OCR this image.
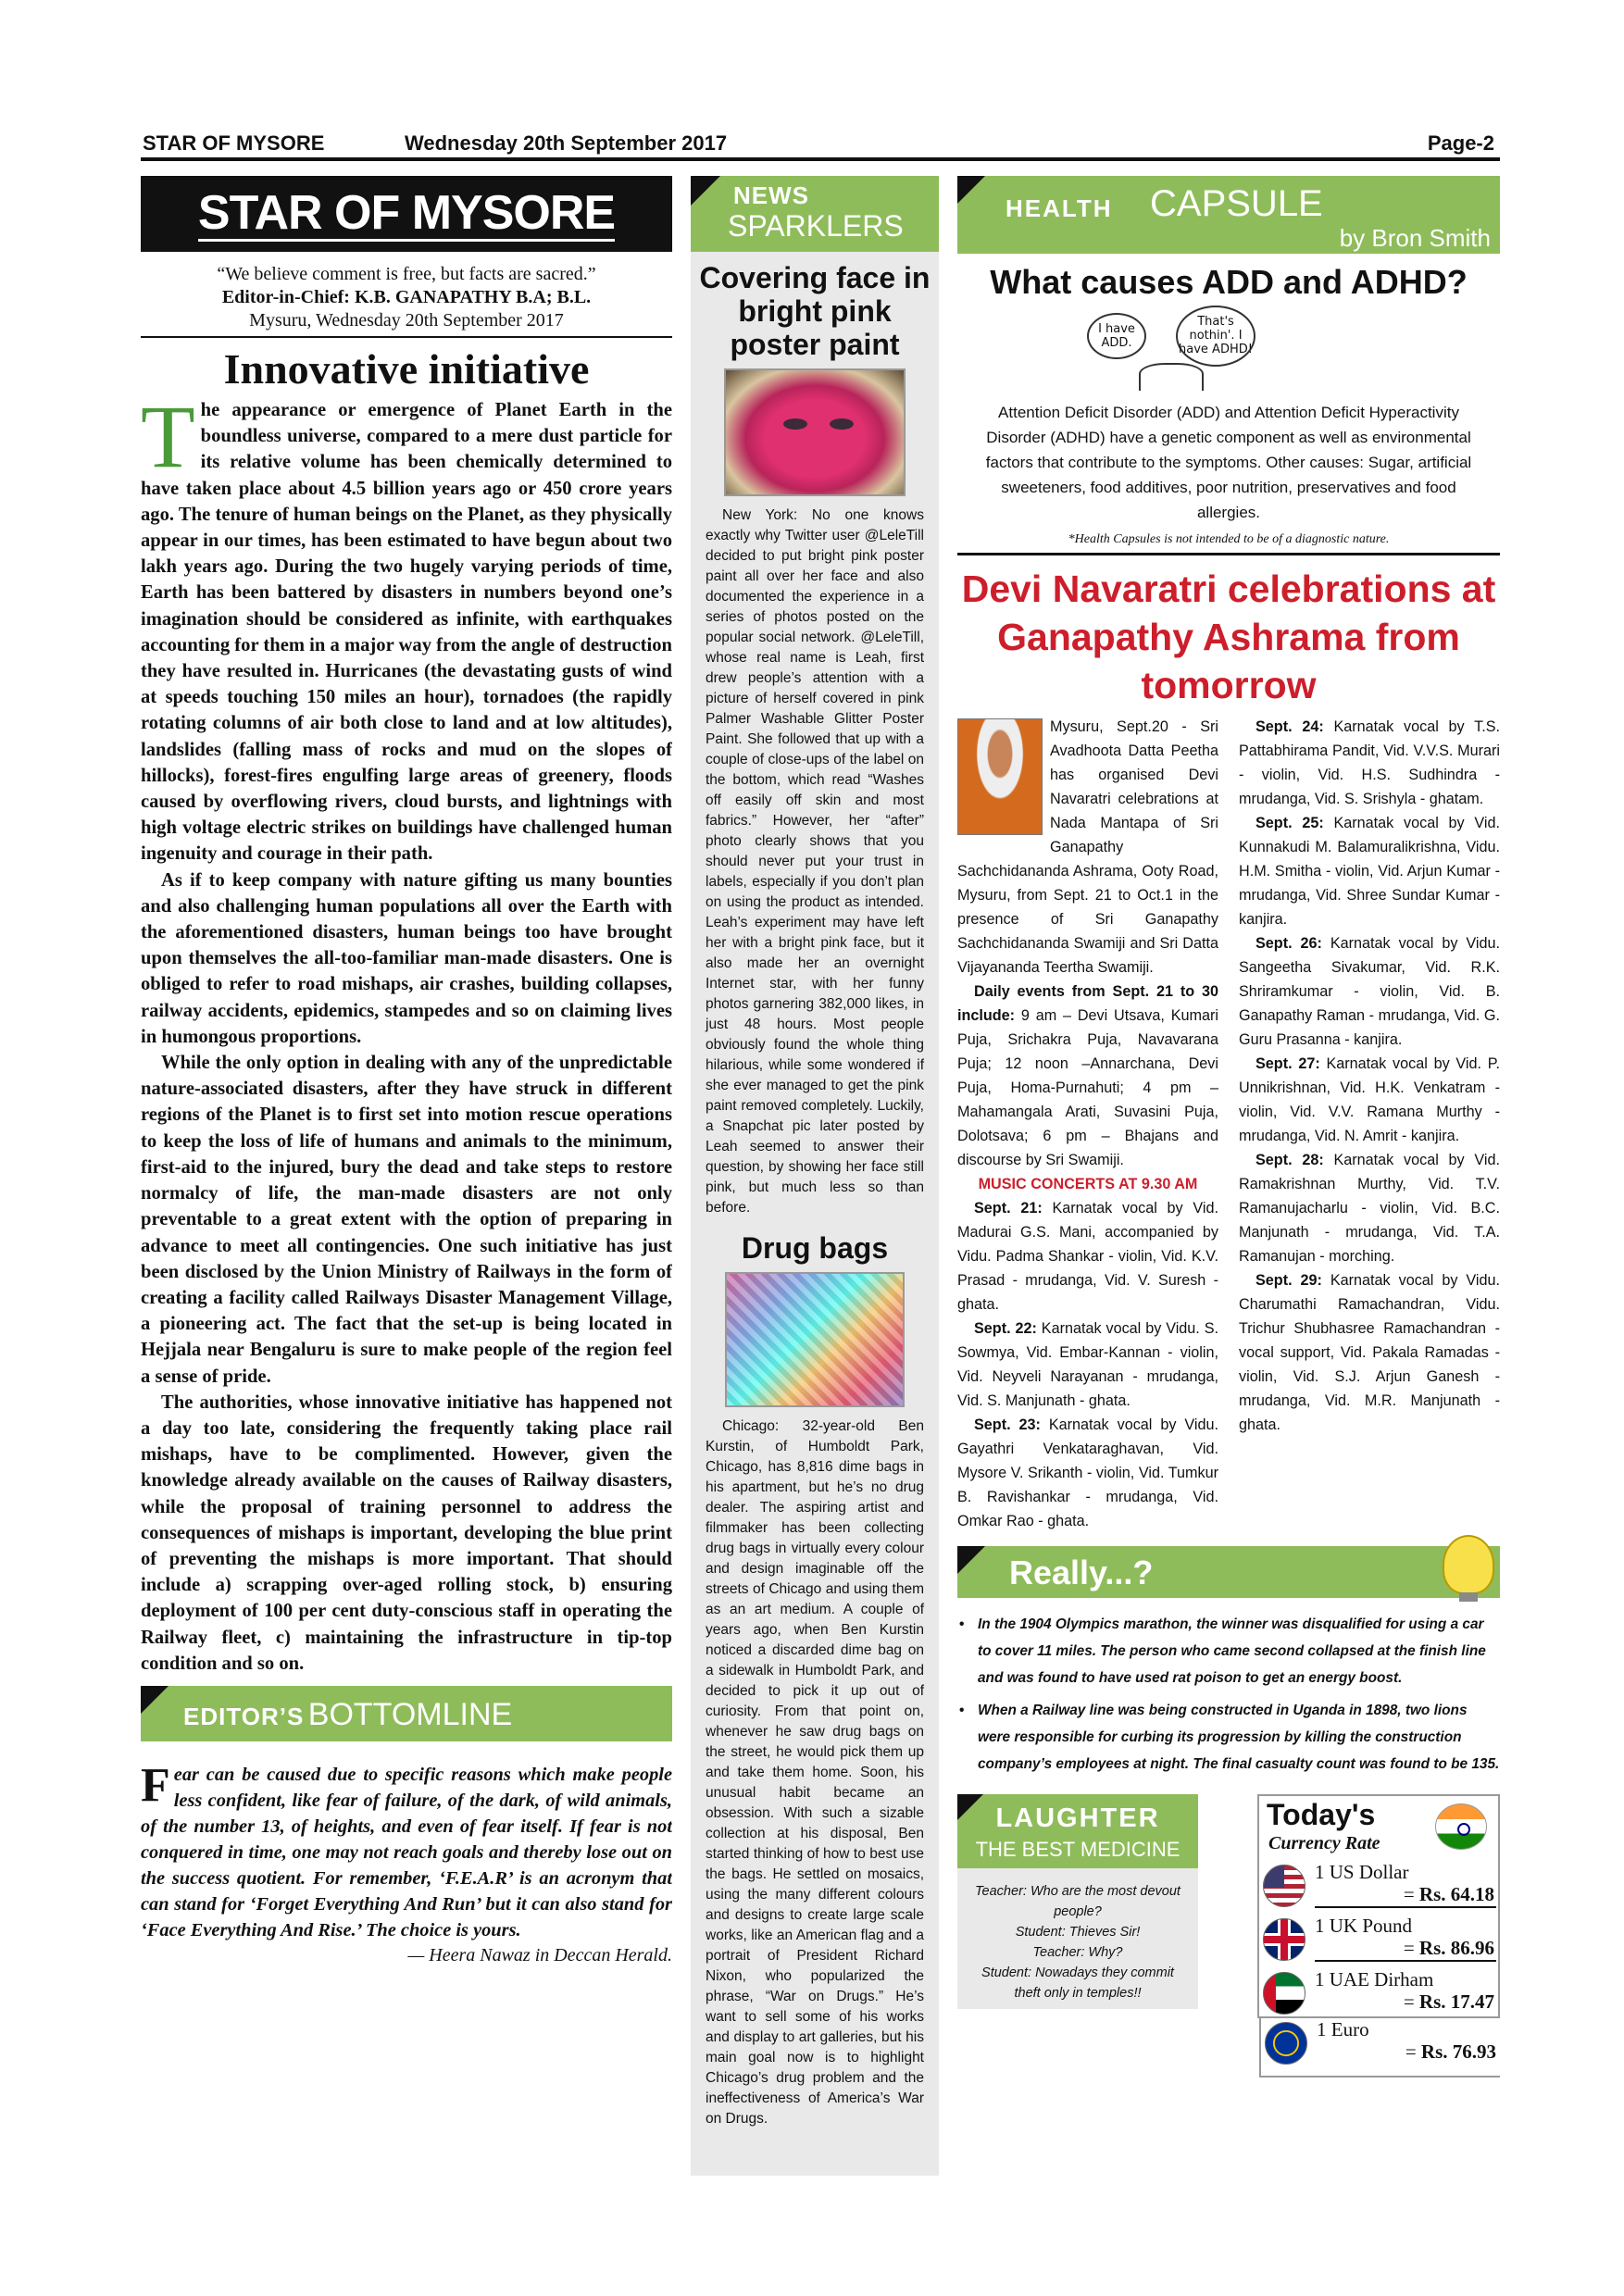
STAR OF MYSORE	Wednesday 20th September 2017	Page-2
STAR OF MYSORE
“We believe comment is free, but facts are sacred.”
Editor-in-Chief: K.B. GANAPATHY B.A; B.L.
Mysuru, Wednesday 20th September 2017
Innovative initiative

The appearance or emergence of Planet Earth in the boundless universe, compared to a mere dust particle for its relative volume has been chemically determined to have taken place about 4.5 billion years ago or 450 crore years ago. The tenure of human beings on the Planet, as they physically appear in our times, has been estimated to have begun about two lakh years ago. During the two hugely varying periods of time, Earth has been battered by disasters in numbers beyond one’s imagination should be considered as infinite, with earthquakes accounting for them in a major way from the angle of destruction they have resulted in. Hurricanes (the devastating gusts of wind at speeds touching 150 miles an hour), tornadoes (the rapidly rotating columns of air both close to land and at low altitudes), landslides (falling mass of rocks and mud on the slopes of hillocks), forest-fires engulfing large areas of greenery, floods caused by overflowing rivers, cloud bursts, and lightnings with high voltage electric strikes on buildings have challenged human ingenuity and courage in their path.

As if to keep company with nature gifting us many bounties and also challenging human populations all over the Earth with the aforementioned disasters, human beings too have brought upon themselves the all-too-familiar man-made disasters. One is obliged to refer to road mishaps, air crashes, building collapses, railway accidents, epidemics, stampedes and so on claiming lives in humongous proportions.

While the only option in dealing with any of the unpredictable nature-associated disasters, after they have struck in different regions of the Planet is to first set into motion rescue operations to keep the loss of life of humans and animals to the minimum, first-aid to the injured, bury the dead and take steps to restore normalcy of life, the man-made disasters are not only preventable to a great extent with the option of preparing in advance to meet all contingencies. One such initiative has just been disclosed by the Union Ministry of Railways in the form of creating a facility called Railways Disaster Management Village, a pioneering act. The fact that the set-up is being located in Hejjala near Bengaluru is sure to make people of the region feel a sense of pride.

The authorities, whose innovative initiative has happened not a day too late, considering the frequently taking place rail mishaps, have to be complimented. However, given the knowledge already available on the causes of Railway disasters, while the proposal of training personnel to address the consequences of mishaps is important, developing the blue print of preventing the mishaps is more important. That should include a) scrapping over-aged rolling stock, b) ensuring deployment of 100 per cent duty-conscious staff in operating the Railway fleet, c) maintaining the infrastructure in tip-top condition and so on.

EDITOR’S BOTTOMLINE
Fear can be caused due to specific reasons which make people less confident, like fear of failure, of the dark, of wild animals, of the number 13, of heights, and even of fear itself. If fear is not conquered in time, one may not reach goals and thereby lose out on the success quotient. For remember, ‘F.E.A.R’ is an acronym that can stand for ‘Forget Everything And Run’ but it can also stand for ‘Face Everything And Rise.’ The choice is yours.
— Heera Nawaz in Deccan Herald.
NEWS
SPARKLERS
Covering face in bright pink poster paint

New York: No one knows exactly why Twitter user @LeleTill decided to put bright pink poster paint all over her face and also documented the experience in a series of photos posted on the popular social network. @LeleTill, whose real name is Leah, first drew people’s attention with a picture of herself covered in pink Palmer Washable Glitter Poster Paint. She followed that up with a couple of close-ups of the label on the bottom, which read “Washes off easily off skin and most fabrics.” However, her “after” photo clearly shows that you should never put your trust in labels, especially if you don’t plan on using the product as intended. Leah’s experiment may have left her with a bright pink face, but it also made her an overnight Internet star, with her funny photos garnering 382,000 likes, in just 48 hours. Most people obviously found the whole thing hilarious, while some wondered if she ever managed to get the pink paint removed completely. Luckily, a Snapchat pic later posted by Leah seemed to answer their question, by showing her face still pink, but much less so than before.

Drug bags

Chicago: 32-year-old Ben Kurstin, of Humboldt Park, Chicago, has 8,816 dime bags in his apartment, but he’s no drug dealer. The aspiring artist and filmmaker has been collecting drug bags in virtually every colour and design imaginable off the streets of Chicago and using them as an art medium. A couple of years ago, when Ben Kurstin noticed a discarded dime bag on a sidewalk in Humboldt Park, and decided to pick it up out of curiosity. From that point on, whenever he saw drug bags on the street, he would pick them up and take them home. Soon, his unusual habit became an obsession. With such a sizable collection at his disposal, Ben started thinking of how to best use the bags. He settled on mosaics, using the many different colours and designs to create large scale works, like an American flag and a portrait of President Richard Nixon, who popularized the phrase, “War on Drugs.” He’s want to sell some of his works and display to art galleries, but his main goal now is to highlight Chicago’s drug problem and the ineffectiveness of America’s War on Drugs.

HEALTH CAPSULE
by Bron Smith
What causes ADD and ADHD?
I have ADD.
That's nothin'. I have ADHD!
Attention Deficit Disorder (ADD) and Attention Deficit Hyperactivity Disorder (ADHD) have a genetic component as well as environmental factors that contribute to the symptoms. Other causes: Sugar, artificial sweeteners, food additives, poor nutrition, preservatives and food allergies.
*Health Capsules is not intended to be of a diagnostic nature.
Devi Navaratri celebrations at Ganapathy Ashrama from tomorrow

Mysuru, Sept.20 - Sri Avadhoota Datta Peetha has organised Devi Navaratri celebrations at Nada Mantapa of Sri Ganapathy Sachchidananda Ashrama, Ooty Road, Mysuru, from Sept. 21 to Oct.1 in the presence of Sri Ganapathy Sachchidananda Swamiji and Sri Datta Vijayananda Teertha Swamiji.

Daily events from Sept. 21 to 30 include: 9 am – Devi Utsava, Kumari Puja, Srichakra Puja, Navavarana Puja; 12 noon –Annarchana, Devi Puja, Homa-Purnahuti; 4 pm – Mahamangala Arati, Suvasini Puja, Dolotsava; 6 pm – Bhajans and discourse by Sri Swamiji.

MUSIC CONCERTS AT 9.30 AM

Sept. 21: Karnatak vocal by Vid. Madurai G.S. Mani, accompanied by Vidu. Padma Shankar - violin, Vid. K.V. Prasad - mrudanga, Vid. V. Suresh - ghata.

Sept. 22: Karnatak vocal by Vidu. S. Sowmya, Vid. Embar-Kannan - violin, Vid. Neyveli Narayanan - mrudanga, Vid. S. Manjunath - ghata.

Sept. 23: Karnatak vocal by Vidu. Gayathri Venkataraghavan, Vid. Mysore V. Srikanth - violin, Vid. Tumkur B. Ravishankar - mrudanga, Vid. Omkar Rao - ghata.

Sept. 24: Karnatak vocal by T.S. Pattabhirama Pandit, Vid. V.V.S. Murari - violin, Vid. H.S. Sudhindra - mrudanga, Vid. S. Srishyla - ghatam.

Sept. 25: Karnatak vocal by Vid. Kunnakudi M. Balamuralikrishna, Vidu. H.M. Smitha - violin, Vid. Arjun Kumar - mrudanga, Vid. Shree Sundar Kumar - kanjira.

Sept. 26: Karnatak vocal by Vidu. Sangeetha Sivakumar, Vid. R.K. Shriramkumar - violin, Vid. B. Ganapathy Raman - mrudanga, Vid. G. Guru Prasanna - kanjira.

Sept. 27: Karnatak vocal by Vid. P. Unnikrishnan, Vid. H.K. Venkatram - violin, Vid. V.V. Ramana Murthy - mrudanga, Vid. N. Amrit - kanjira.

Sept. 28: Karnatak vocal by Vid. Ramakrishnan Murthy, Vid. T.V. Ramanujacharlu - violin, Vid. B.C. Manjunath - mrudanga, Vid. T.A. Ramanujan - morching.

Sept. 29: Karnatak vocal by Vidu. Charumathi Ramachandran, Vidu. Trichur Shubhasree Ramachandran - vocal support, Vid. Pakala Ramadas - violin, Vid. S.J. Arjun Ganesh - mrudanga, Vid. M.R. Manjunath - ghata.

Really...?
• In the 1904 Olympics marathon, the winner was disqualified for using a car to cover 11 miles. The person who came second collapsed at the finish line and was found to have used rat poison to get an energy boost.
• When a Railway line was being constructed in Uganda in 1898, two lions were responsible for curbing its progression by killing the construction company’s employees at night. The final casualty count was found to be 135.
LAUGHTER
THE BEST MEDICINE
Teacher: Who are the most devout people?
Student: Thieves Sir!
Teacher: Why?
Student: Nowadays they commit theft only in temples!!
Today's
Currency Rate
1 US Dollar
= Rs. 64.18
1 UK Pound
= Rs. 86.96
1 UAE Dirham
= Rs. 17.47
1 Euro
= Rs. 76.93
